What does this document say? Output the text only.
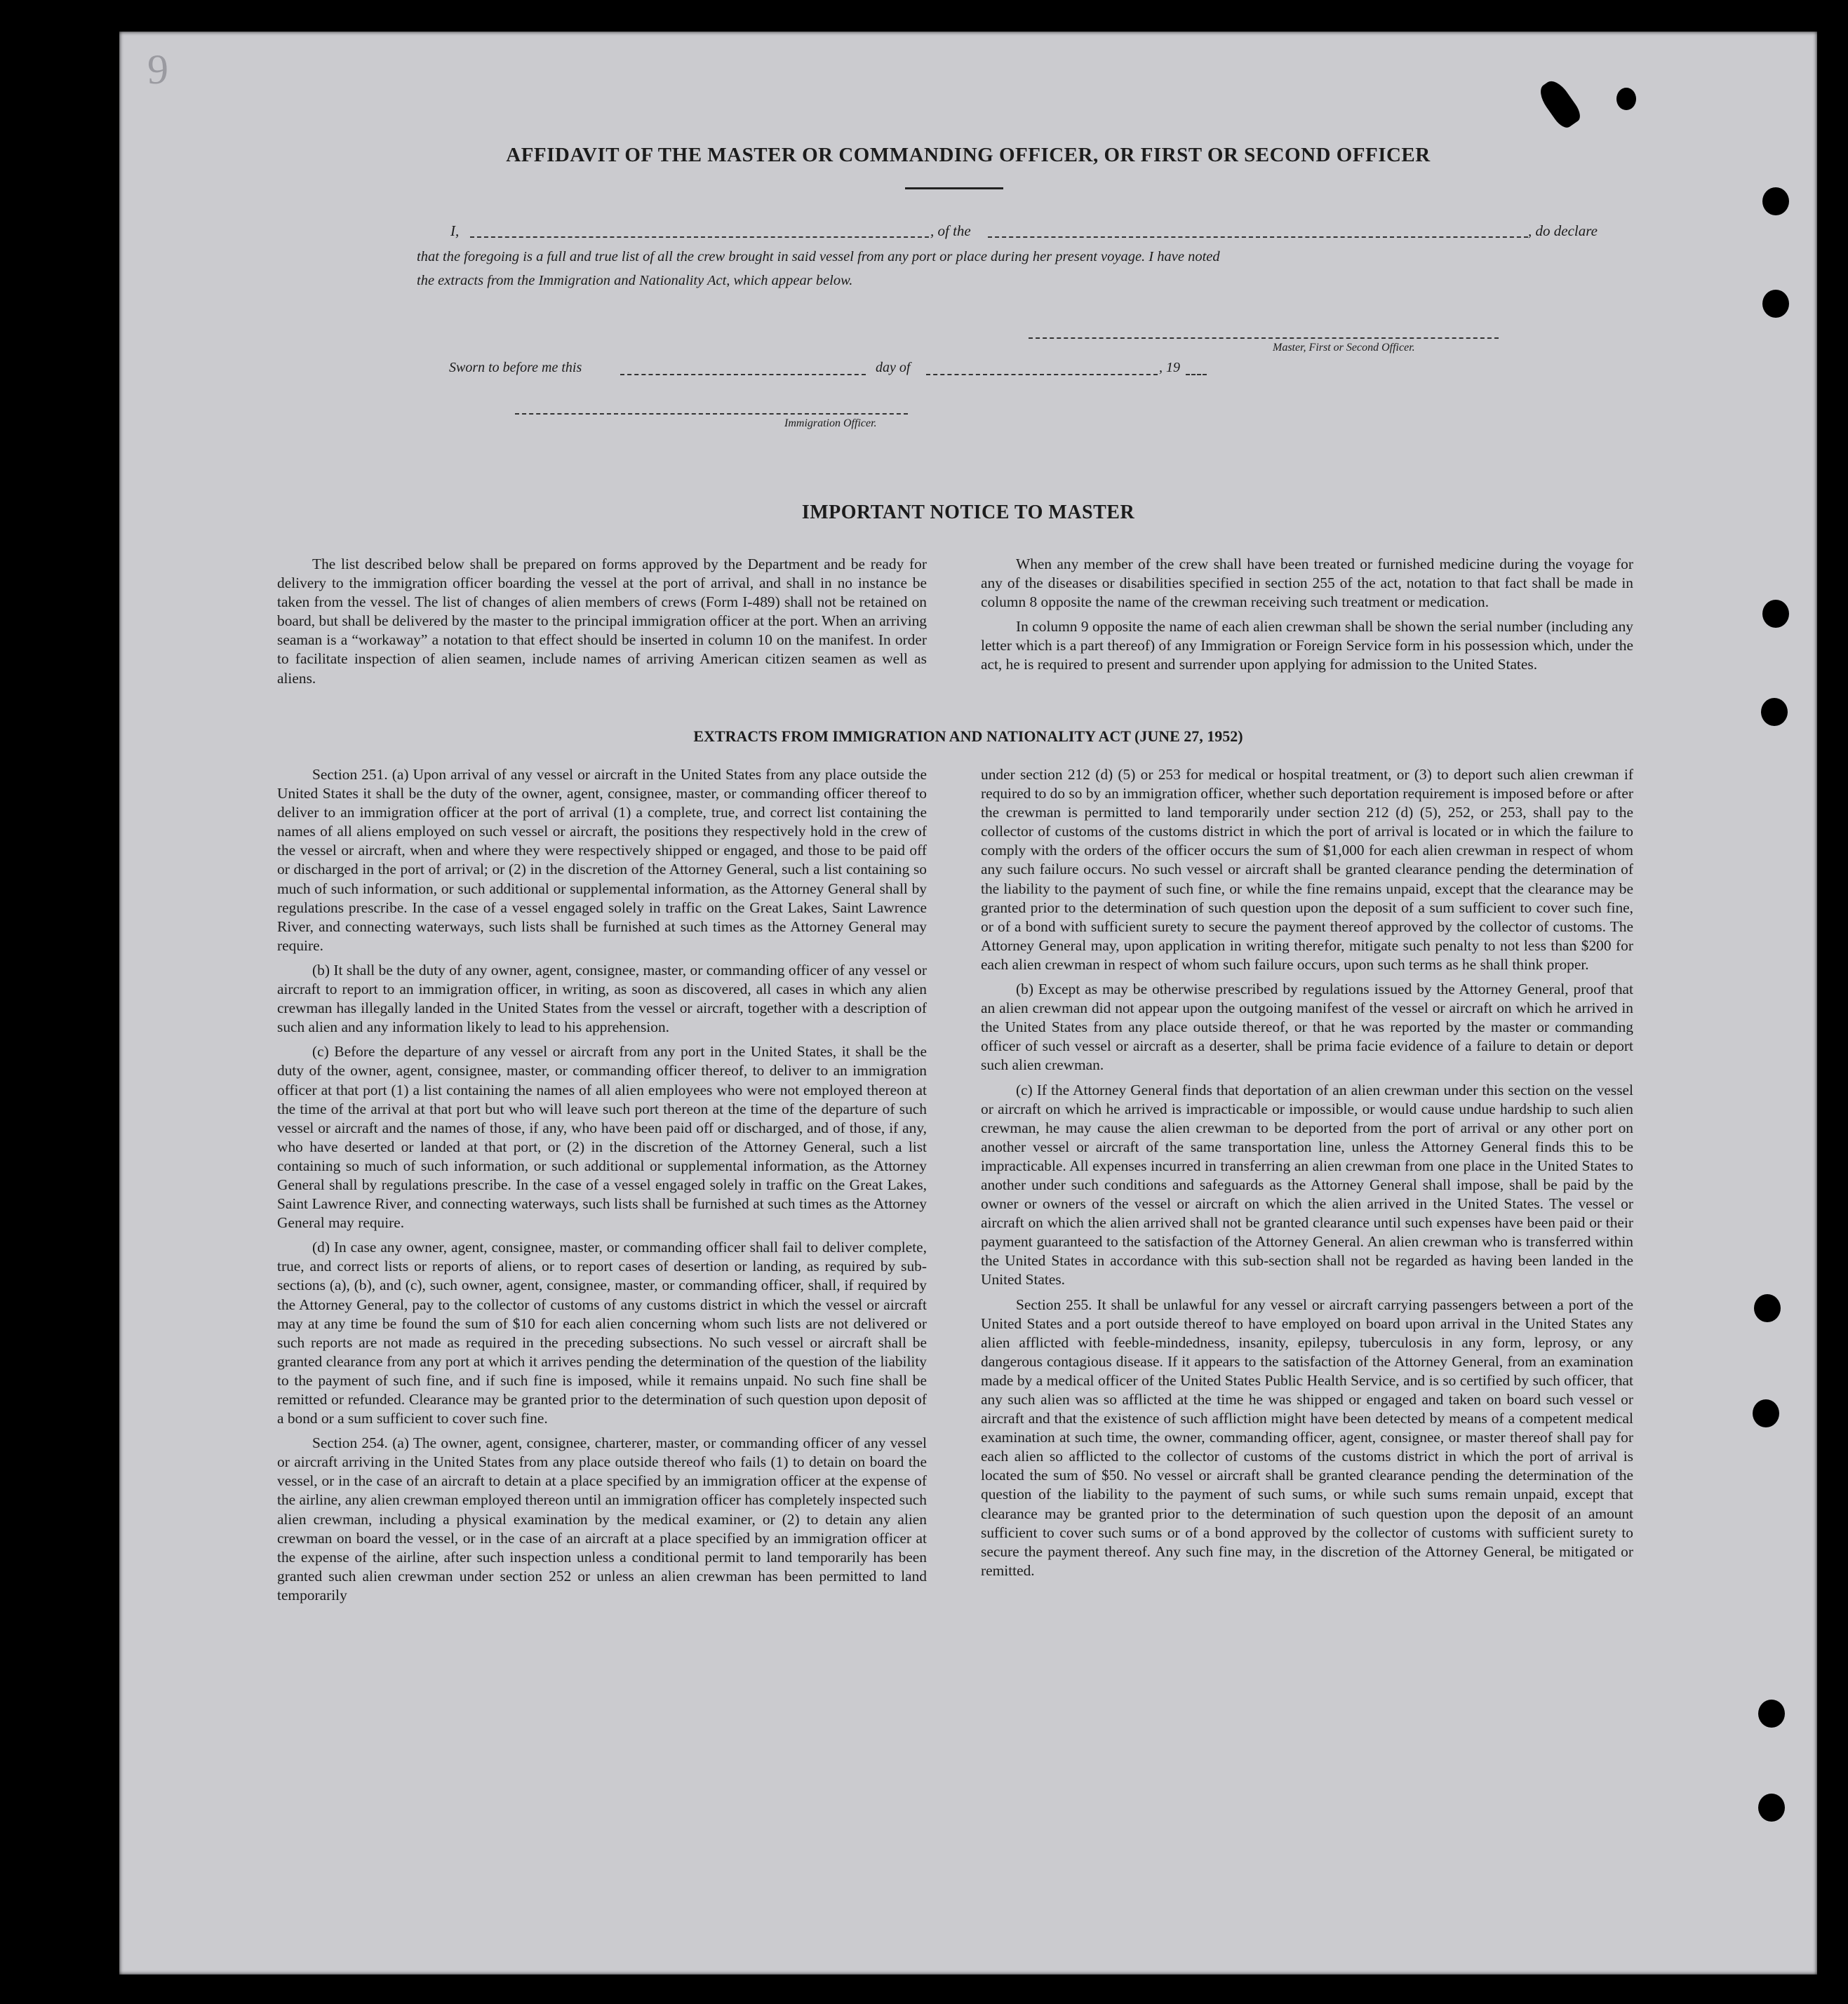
9
AFFIDAVIT OF THE MASTER OR COMMANDING OFFICER, OR FIRST OR SECOND OFFICER
I,	, of the	, do declare
that the foregoing is a full and true list of all the crew brought in said vessel from any port or place during her present voyage. I have noted
the extracts from the Immigration and Nationality Act, which appear below.
Master, First or Second Officer.
Sworn to before me this	day of	, 19
Immigration Officer.
IMPORTANT NOTICE TO MASTER

The list described below shall be prepared on forms approved by the Department and be ready for delivery to the immigration officer boarding the vessel at the port of arrival, and shall in no instance be taken from the vessel. The list of changes of alien members of crews (Form I-489) shall not be retained on board, but shall be delivered by the master to the principal immigration officer at the port. When an arriving seaman is a “workaway” a notation to that effect should be inserted in column 10 on the manifest. In order to facilitate inspection of alien seamen, include names of arriving American citizen seamen as well as aliens.

When any member of the crew shall have been treated or furnished medicine during the voyage for any of the diseases or disabilities specified in section 255 of the act, notation to that fact shall be made in column 8 opposite the name of the crewman receiving such treatment or medication.

In column 9 opposite the name of each alien crewman shall be shown the serial number (including any letter which is a part thereof) of any Immigration or Foreign Service form in his possession which, under the act, he is required to present and surrender upon applying for admission to the United States.

EXTRACTS FROM IMMIGRATION AND NATIONALITY ACT (JUNE 27, 1952)

Section 251. (a) Upon arrival of any vessel or aircraft in the United States from any place outside the United States it shall be the duty of the owner, agent, consignee, master, or commanding officer thereof to deliver to an immigration officer at the port of arrival (1) a complete, true, and correct list containing the names of all aliens employed on such vessel or aircraft, the positions they respectively hold in the crew of the vessel or aircraft, when and where they were respectively shipped or engaged, and those to be paid off or discharged in the port of arrival; or (2) in the discretion of the Attorney General, such a list containing so much of such information, or such additional or supplemental information, as the Attorney General shall by regulations prescribe. In the case of a vessel engaged solely in traffic on the Great Lakes, Saint Lawrence River, and connecting waterways, such lists shall be furnished at such times as the Attorney General may require.

(b) It shall be the duty of any owner, agent, consignee, master, or commanding officer of any vessel or aircraft to report to an immigration officer, in writing, as soon as discovered, all cases in which any alien crewman has illegally landed in the United States from the vessel or aircraft, together with a description of such alien and any information likely to lead to his apprehension.

(c) Before the departure of any vessel or aircraft from any port in the United States, it shall be the duty of the owner, agent, consignee, master, or commanding officer thereof, to deliver to an immigration officer at that port (1) a list containing the names of all alien employees who were not employed thereon at the time of the arrival at that port but who will leave such port thereon at the time of the departure of such vessel or aircraft and the names of those, if any, who have been paid off or discharged, and of those, if any, who have deserted or landed at that port, or (2) in the discretion of the Attorney General, such a list containing so much of such information, or such additional or supplemental information, as the Attorney General shall by regulations prescribe. In the case of a vessel engaged solely in traffic on the Great Lakes, Saint Lawrence River, and connecting waterways, such lists shall be furnished at such times as the Attorney General may require.

(d) In case any owner, agent, consignee, master, or commanding officer shall fail to deliver complete, true, and correct lists or reports of aliens, or to report cases of desertion or landing, as required by sub-sections (a), (b), and (c), such owner, agent, consignee, master, or commanding officer, shall, if required by the Attorney General, pay to the collector of customs of any customs district in which the vessel or aircraft may at any time be found the sum of $10 for each alien concerning whom such lists are not delivered or such reports are not made as required in the preceding subsections. No such vessel or aircraft shall be granted clearance from any port at which it arrives pending the determination of the question of the liability to the payment of such fine, and if such fine is imposed, while it remains unpaid. No such fine shall be remitted or refunded. Clearance may be granted prior to the determination of such question upon deposit of a bond or a sum sufficient to cover such fine.

Section 254. (a) The owner, agent, consignee, charterer, master, or commanding officer of any vessel or aircraft arriving in the United States from any place outside thereof who fails (1) to detain on board the vessel, or in the case of an aircraft to detain at a place specified by an immigration officer at the expense of the airline, any alien crewman employed thereon until an immigration officer has completely inspected such alien crewman, including a physical examination by the medical examiner, or (2) to detain any alien crewman on board the vessel, or in the case of an aircraft at a place specified by an immigration officer at the expense of the airline, after such inspection unless a conditional permit to land temporarily has been granted such alien crewman under section 252 or unless an alien crewman has been permitted to land temporarily

under section 212 (d) (5) or 253 for medical or hospital treatment, or (3) to deport such alien crewman if required to do so by an immigration officer, whether such deportation requirement is imposed before or after the crewman is permitted to land temporarily under section 212 (d) (5), 252, or 253, shall pay to the collector of customs of the customs district in which the port of arrival is located or in which the failure to comply with the orders of the officer occurs the sum of $1,000 for each alien crewman in respect of whom any such failure occurs. No such vessel or aircraft shall be granted clearance pending the determination of the liability to the payment of such fine, or while the fine remains unpaid, except that the clearance may be granted prior to the determination of such question upon the deposit of a sum sufficient to cover such fine, or of a bond with sufficient surety to secure the payment thereof approved by the collector of customs. The Attorney General may, upon application in writing therefor, mitigate such penalty to not less than $200 for each alien crewman in respect of whom such failure occurs, upon such terms as he shall think proper.

(b) Except as may be otherwise prescribed by regulations issued by the Attorney General, proof that an alien crewman did not appear upon the outgoing manifest of the vessel or aircraft on which he arrived in the United States from any place outside thereof, or that he was reported by the master or commanding officer of such vessel or aircraft as a deserter, shall be prima facie evidence of a failure to detain or deport such alien crewman.

(c) If the Attorney General finds that deportation of an alien crewman under this section on the vessel or aircraft on which he arrived is impracticable or impossible, or would cause undue hardship to such alien crewman, he may cause the alien crewman to be deported from the port of arrival or any other port on another vessel or aircraft of the same transportation line, unless the Attorney General finds this to be impracticable. All expenses incurred in transferring an alien crewman from one place in the United States to another under such conditions and safeguards as the Attorney General shall impose, shall be paid by the owner or owners of the vessel or aircraft on which the alien arrived in the United States. The vessel or aircraft on which the alien arrived shall not be granted clearance until such expenses have been paid or their payment guaranteed to the satisfaction of the Attorney General. An alien crewman who is transferred within the United States in accordance with this sub-section shall not be regarded as having been landed in the United States.

Section 255. It shall be unlawful for any vessel or aircraft carrying passengers between a port of the United States and a port outside thereof to have employed on board upon arrival in the United States any alien afflicted with feeble-mindedness, insanity, epilepsy, tuberculosis in any form, leprosy, or any dangerous contagious disease. If it appears to the satisfaction of the Attorney General, from an examination made by a medical officer of the United States Public Health Service, and is so certified by such officer, that any such alien was so afflicted at the time he was shipped or engaged and taken on board such vessel or aircraft and that the existence of such affliction might have been detected by means of a competent medical examination at such time, the owner, commanding officer, agent, consignee, or master thereof shall pay for each alien so afflicted to the collector of customs of the customs district in which the port of arrival is located the sum of $50. No vessel or aircraft shall be granted clearance pending the determination of the question of the liability to the payment of such sums, or while such sums remain unpaid, except that clearance may be granted prior to the determination of such question upon the deposit of an amount sufficient to cover such sums or of a bond approved by the collector of customs with sufficient surety to secure the payment thereof. Any such fine may, in the discretion of the Attorney General, be mitigated or remitted.
